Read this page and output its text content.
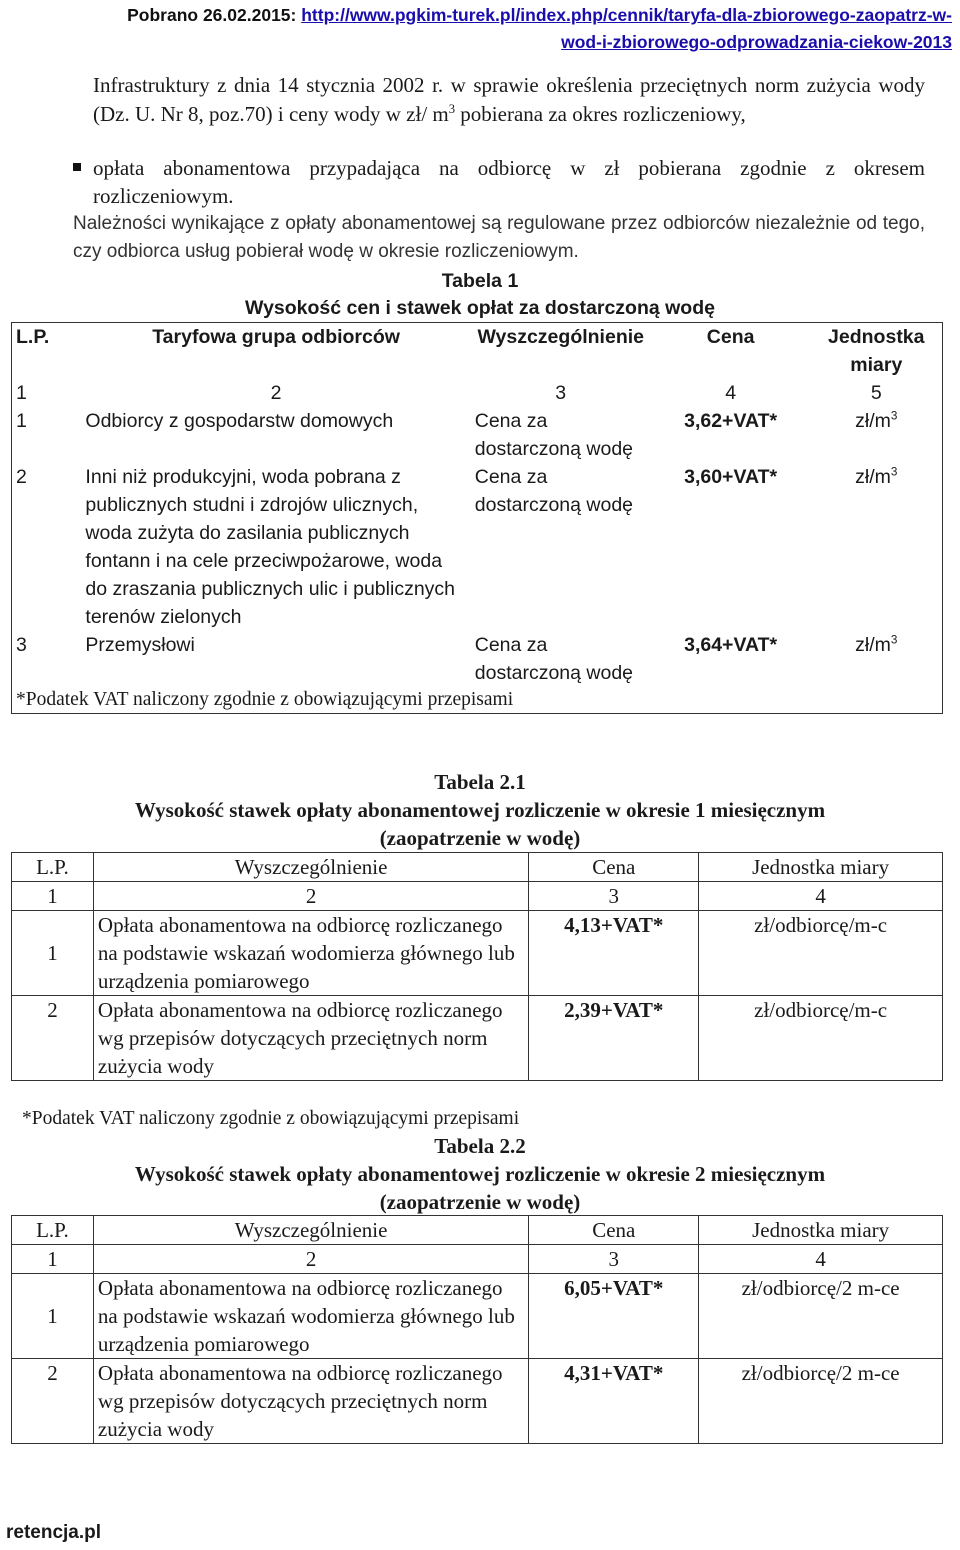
Pobrano 26.02.2015: http://www.pgkim-turek.pl/index.php/cennik/taryfa-dla-zbiorowego-zaopatrz-w-
wod-i-zbiorowego-odprowadzania-ciekow-2013
Infrastruktury z dnia 14 stycznia 2002 r. w sprawie określenia przeciętnych norm zużycia wody (Dz. U. Nr 8, poz.70) i ceny wody w zł/ $m^3$ pobierana za okres rozliczeniowy,
opłata abonamentowa przypadająca na odbiorcę w zł pobierana zgodnie z okresem rozliczeniowym.
Należności wynikające z opłaty abonamentowej są regulowane przez odbiorców niezależnie od tego, czy odbiorca usług pobierał wodę w okresie rozliczeniowym.
Tabela 1
Wysokość cen i stawek opłat za dostarczoną wodę
L.P.	Taryfowa grupa odbiorców	Wyszczególnienie	Cena	Jednostka miary
1	2	3	4	5
1	Odbiorcy z gospodarstw domowych	Cena za dostarczoną wodę	3,62+VAT*	$zł/m^3$
2	Inni niż produkcyjni, woda pobrana z publicznych studni i zdrojów ulicznych, woda zużyta do zasilania publicznych fontann i na cele przeciwpożarowe, woda do zraszania publicznych ulic i publicznych terenów zielonych	Cena za dostarczoną wodę	3,60+VAT*	$zł/m^3$
3	Przemysłowi	Cena za dostarczoną wodę	3,64+VAT*	$zł/m^3$
*Podatek VAT naliczony zgodnie z obowiązującymi przepisami				
Tabela 2.1
Wysokość stawek opłaty abonamentowej rozliczenie w okresie 1 miesięcznym
(zaopatrzenie w wodę)
L.P.	Wyszczególnienie	Cena	Jednostka miary
1	2	3	4
1	Opłata abonamentowa na odbiorcę rozliczanego na podstawie wskazań wodomierza głównego lub urządzenia pomiarowego	4,13+VAT*	zł/odbiorcę/m-c
2	Opłata abonamentowa na odbiorcę rozliczanego wg przepisów dotyczących przeciętnych norm zużycia wody	2,39+VAT*	zł/odbiorcę/m-c
*Podatek VAT naliczony zgodnie z obowiązującymi przepisami
Tabela 2.2
Wysokość stawek opłaty abonamentowej rozliczenie w okresie 2 miesięcznym
(zaopatrzenie w wodę)
L.P.	Wyszczególnienie	Cena	Jednostka miary
1	2	3	4
1	Opłata abonamentowa na odbiorcę rozliczanego na podstawie wskazań wodomierza głównego lub urządzenia pomiarowego	6,05+VAT*	zł/odbiorcę/2 m-ce
2	Opłata abonamentowa na odbiorcę rozliczanego wg przepisów dotyczących przeciętnych norm zużycia wody	4,31+VAT*	zł/odbiorcę/2 m-ce
retencja.pl
